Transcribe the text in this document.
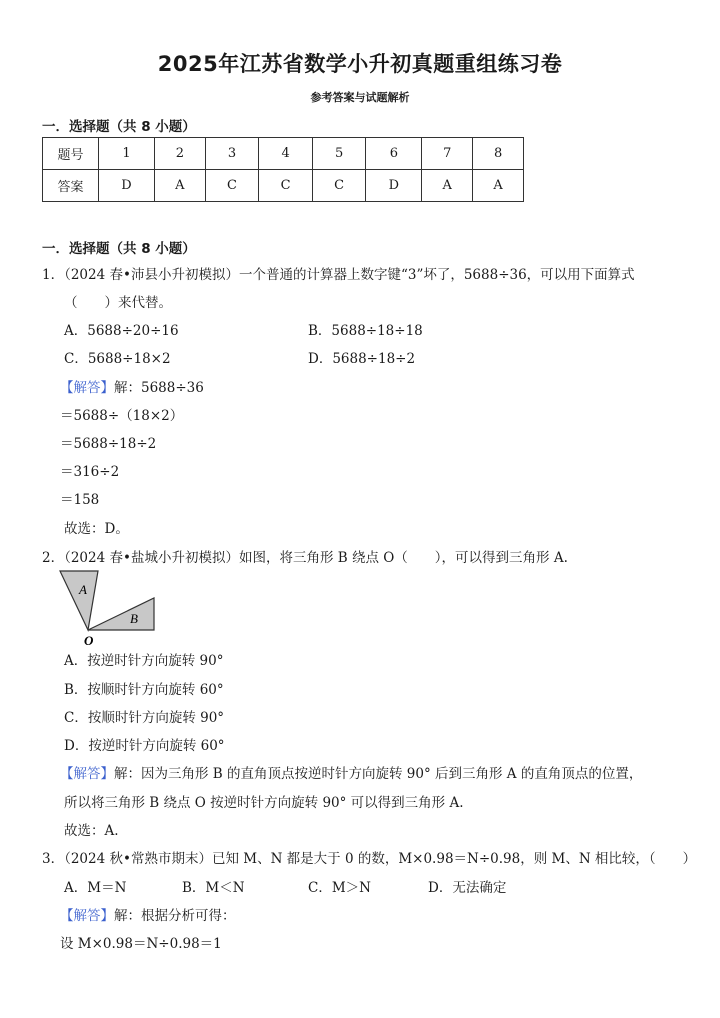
2025年江苏省数学小升初真题重组练习卷
参考答案与试题解析
一．选择题（共 8 小题）
题号	1	2	3	4	5	6	7	8
答案	D	A	C	C	C	D	A	A
一．选择题（共 8 小题）
1．（2024 春•沛县小升初模拟）一个普通的计算器上数字键“3”坏了，5688÷36，可以用下面算式
（　　）来代替。
A．5688÷20÷16	B．5688÷18÷18
C．5688÷18×2	D．5688÷18÷2
【解答】解：5688÷36
＝5688÷（18×2）
＝5688÷18÷2
＝316÷2
＝158
故选：D。
2．（2024 春•盐城小升初模拟）如图，将三角形 B 绕点 O（　　），可以得到三角形 A.
A
B
O
A．按逆时针方向旋转 90°
B．按顺时针方向旋转 60°
C．按顺时针方向旋转 90°
D．按逆时针方向旋转 60°
【解答】解：因为三角形 B 的直角顶点按逆时针方向旋转 90° 后到三角形 A 的直角顶点的位置，
所以将三角形 B 绕点 O 按逆时针方向旋转 90° 可以得到三角形 A.
故选：A.
3．（2024 秋•常熟市期末）已知 M、N 都是大于 0 的数，M×0.98＝N÷0.98，则 M、N 相比较，（　　）
A．M＝N	B．M＜N	C．M＞N	D．无法确定
【解答】解：根据分析可得：
设 M×0.98＝N÷0.98＝1
